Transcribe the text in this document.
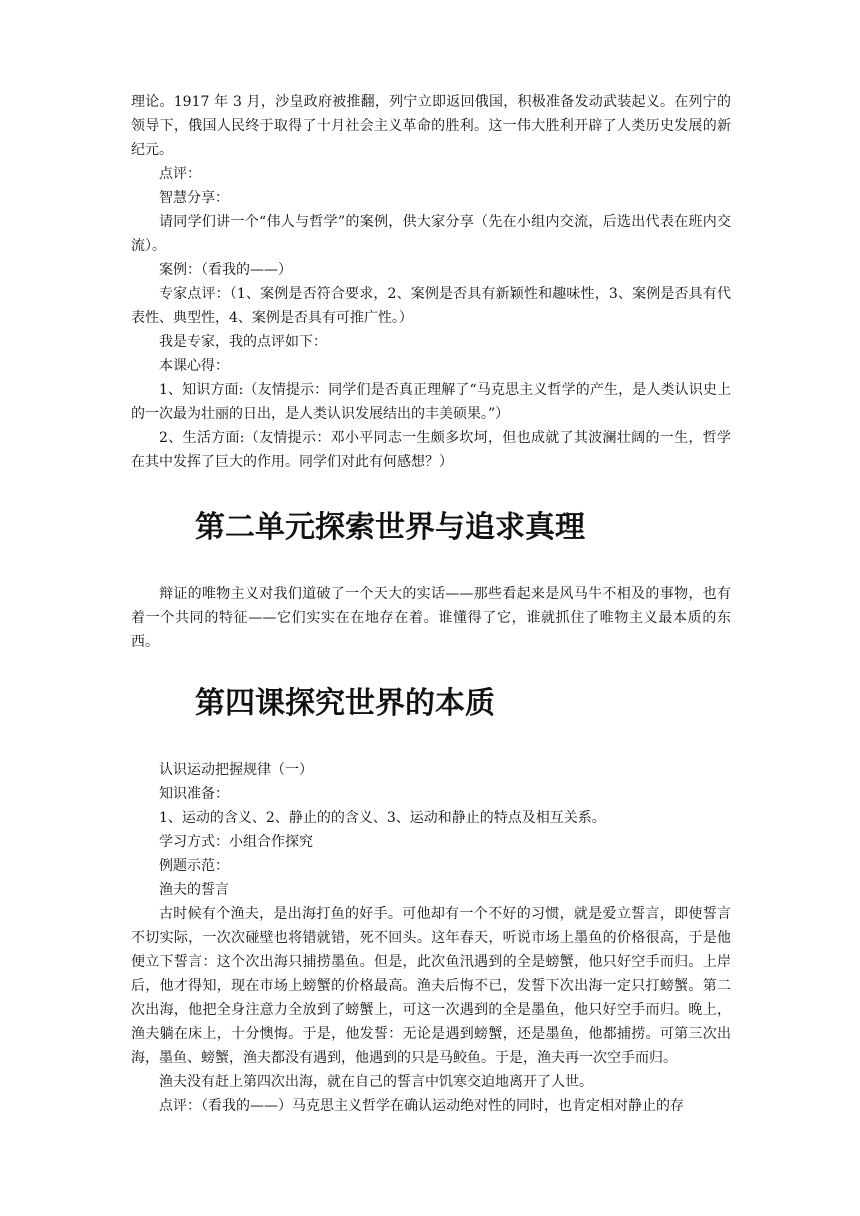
理论。1917 年 3 月，沙皇政府被推翻，列宁立即返回俄国，积极准备发动武装起义。在列宁的领导下，俄国人民终于取得了十月社会主义革命的胜利。这一伟大胜利开辟了人类历史发展的新纪元。

点评：

智慧分享：

请同学们讲一个“伟人与哲学”的案例，供大家分享（先在小组内交流，后选出代表在班内交流）。

案例：（看我的——）

专家点评：（1、案例是否符合要求，2、案例是否具有新颖性和趣味性，3、案例是否具有代表性、典型性，4、案例是否具有可推广性。）

我是专家，我的点评如下：

本课心得：

1、知识方面:（友情提示：同学们是否真正理解了“马克思主义哲学的产生，是人类认识史上的一次最为壮丽的日出，是人类认识发展结出的丰美硕果。”）

2、生活方面:（友情提示：邓小平同志一生颇多坎坷，但也成就了其波澜壮阔的一生，哲学在其中发挥了巨大的作用。同学们对此有何感想？）

第二单元探索世界与追求真理

辩证的唯物主义对我们道破了一个天大的实话——那些看起来是风马牛不相及的事物，也有着一个共同的特征——它们实实在在地存在着。谁懂得了它，谁就抓住了唯物主义最本质的东西。

第四课探究世界的本质

认识运动把握规律（一）

知识准备：

1、运动的含义、2、静止的的含义、3、运动和静止的特点及相互关系。

学习方式：小组合作探究

例题示范：

渔夫的誓言

古时候有个渔夫，是出海打鱼的好手。可他却有一个不好的习惯，就是爱立誓言，即使誓言不切实际，一次次碰壁也将错就错，死不回头。这年春天，听说市场上墨鱼的价格很高，于是他便立下誓言：这个次出海只捕捞墨鱼。但是，此次鱼汛遇到的全是螃蟹，他只好空手而归。上岸后，他才得知，现在市场上螃蟹的价格最高。渔夫后悔不已，发誓下次出海一定只打螃蟹。第二次出海，他把全身注意力全放到了螃蟹上，可这一次遇到的全是墨鱼，他只好空手而归。晚上，渔夫躺在床上，十分懊悔。于是，他发誓：无论是遇到螃蟹，还是墨鱼，他都捕捞。可第三次出海，墨鱼、螃蟹，渔夫都没有遇到，他遇到的只是马鲛鱼。于是，渔夫再一次空手而归。

渔夫没有赶上第四次出海，就在自己的誓言中饥寒交迫地离开了人世。

点评：（看我的——）马克思主义哲学在确认运动绝对性的同时，也肯定相对静止的存
